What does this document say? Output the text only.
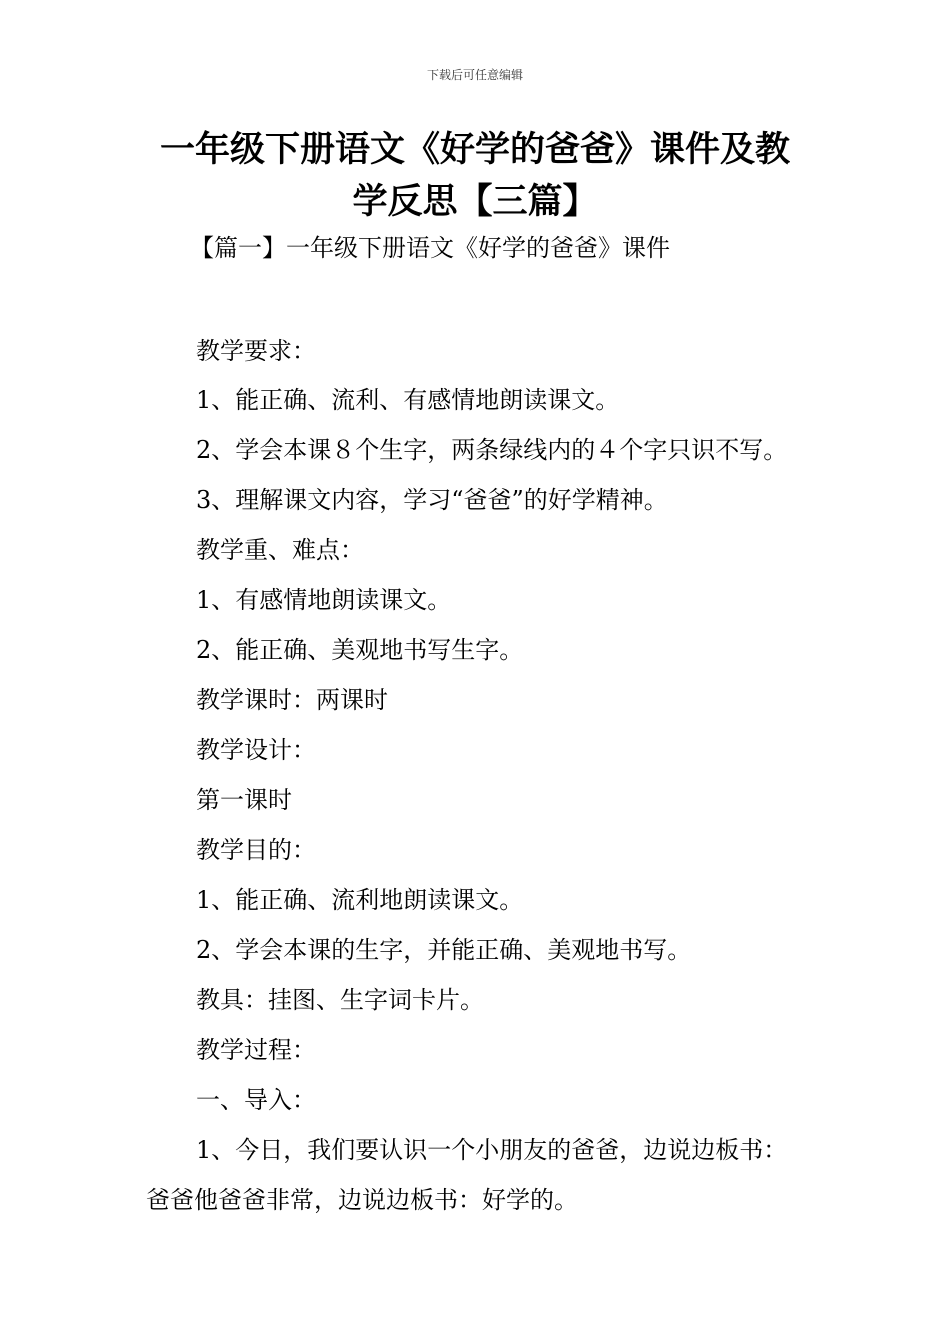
下载后可任意编辑
一年级下册语文《好学的爸爸》课件及教
学反思【三篇】
【篇一】一年级下册语文《好学的爸爸》课件
教学要求：
1、能正确、流利、有感情地朗读课文。
2、学会本课８个生字，两条绿线内的４个字只识不写。
3、理解课文内容，学习“爸爸”的好学精神。
教学重、难点：
1、有感情地朗读课文。
2、能正确、美观地书写生字。
教学课时：两课时
教学设计：
第一课时
教学目的：
1、能正确、流利地朗读课文。
2、学会本课的生字，并能正确、美观地书写。
教具：挂图、生字词卡片。
教学过程：
一、导入：
1、今日，我们要认识一个小朋友的爸爸，边说边板书：
爸爸他爸爸非常，边说边板书：好学的。
